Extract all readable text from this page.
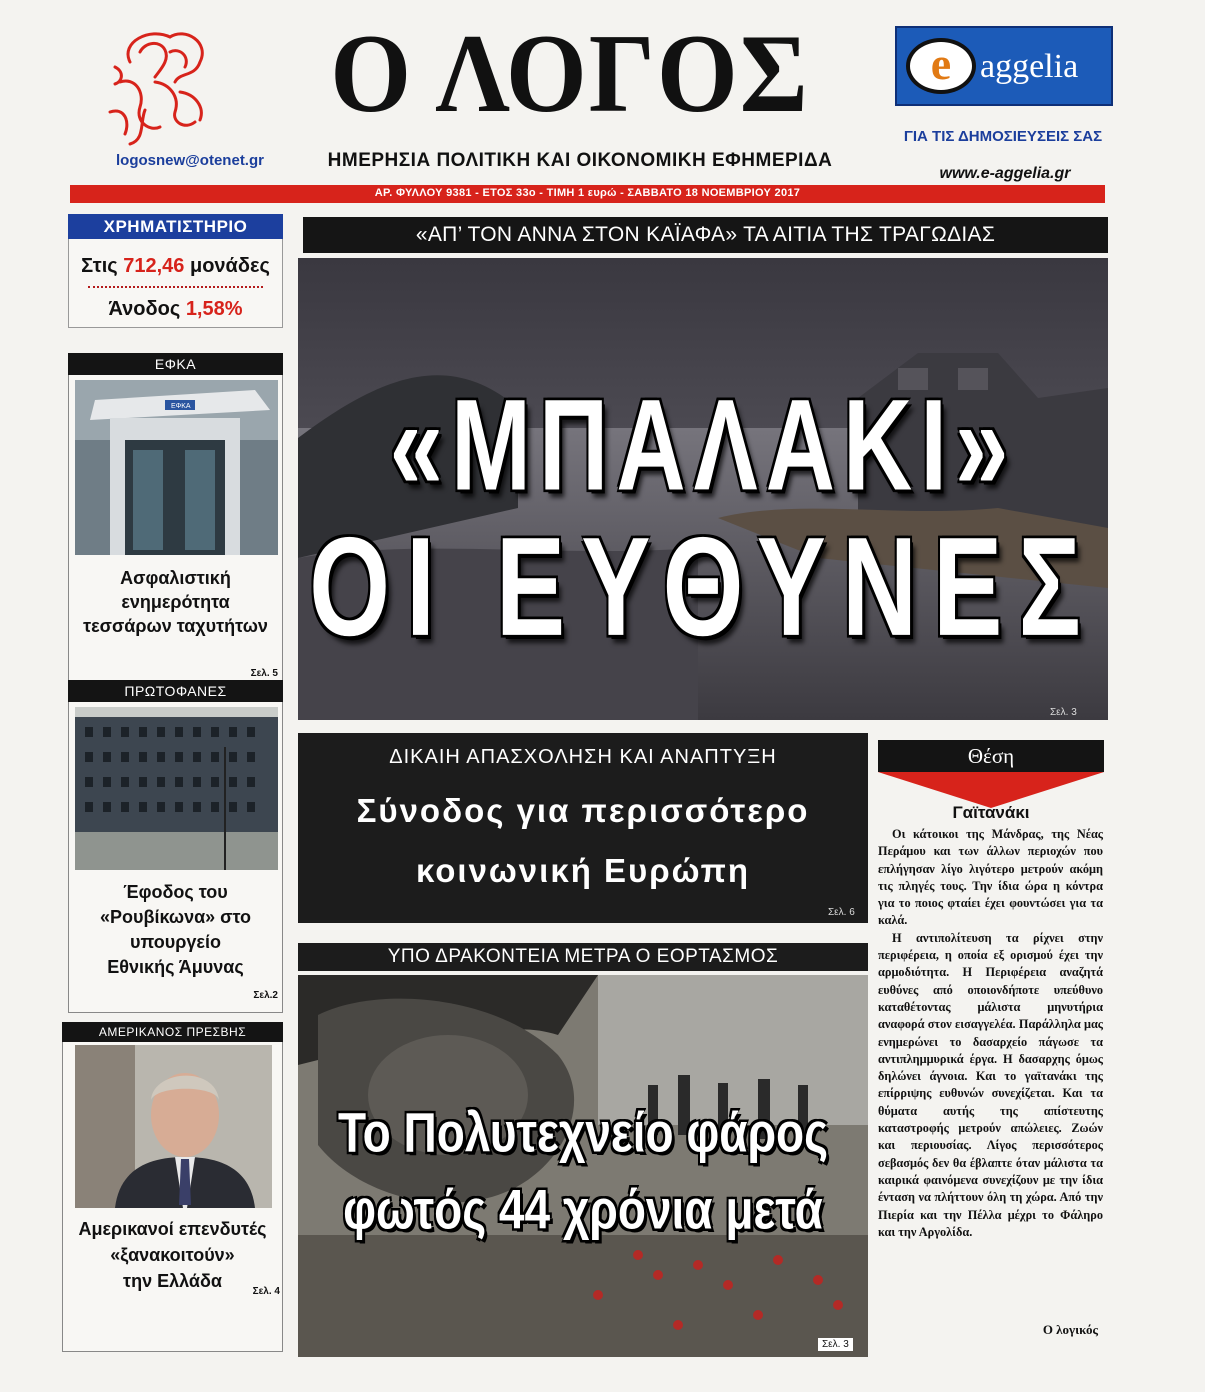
logosnew@otenet.gr
Ο ΛΟΓΟΣ
ΗΜΕΡΗΣΙΑ ΠΟΛΙΤΙΚΗ ΚΑΙ ΟΙΚΟΝΟΜΙΚΗ ΕΦΗΜΕΡΙΔΑ
e aggelia
ΓΙΑ ΤΙΣ ΔΗΜΟΣΙΕΥΣΕΙΣ ΣΑΣ
www.e-aggelia.gr
ΑΡ. ΦΥΛΛΟΥ 9381 - ΕΤΟΣ 33ο - ΤΙΜΗ 1 ευρώ - ΣΑΒΒΑΤΟ 18 ΝΟΕΜΒΡΙΟΥ 2017
ΧΡΗΜΑΤΙΣΤΗΡΙΟ
Στις 712,46 μονάδες
Άνοδος 1,58%
ΕΦΚΑ
ΕΦΚΑ
Ασφαλιστική
ενημερότητα
τεσσάρων ταχυτήτων
Σελ. 5
ΠΡΩΤΟΦΑΝΕΣ
Έφοδος του
«Ρουβίκωνα» στο
υπουργείο
Εθνικής Άμυνας
Σελ.2
ΑΜΕΡΙΚΑΝΟΣ ΠΡΕΣΒΗΣ
Αμερικανοί επενδυτές
«ξανακοιτούν»
την Ελλάδα
Σελ. 4
«ΑΠ’ ΤΟΝ ΑΝΝΑ ΣΤΟΝ ΚΑΪΑΦΑ» ΤΑ ΑΙΤΙΑ ΤΗΣ ΤΡΑΓΩΔΙΑΣ
«ΜΠΑΛΑΚΙ»
ΟΙ ΕΥΘΥΝΕΣ
Σελ. 3
ΔΙΚΑΙΗ ΑΠΑΣΧΟΛΗΣΗ ΚΑΙ ΑΝΑΠΤΥΞΗ
Σύνοδος για περισσότερο
κοινωνική Ευρώπη
Σελ. 6
ΥΠΟ ΔΡΑΚΟΝΤΕΙΑ ΜΕΤΡΑ Ο ΕΟΡΤΑΣΜΟΣ
Το Πολυτεχνείο φάρος
φωτός 44 χρόνια μετά
Σελ. 3
Θέση
Γαϊτανάκι

Οι κάτοικοι της Μάνδρας, της Νέας Περάμου και των άλλων περιοχών που επλήγησαν λίγο λιγότερο μετρούν ακόμη τις πληγές τους. Την ίδια ώρα η κόντρα για το ποιος φταίει έχει φουντώσει για τα καλά.

Η αντιπολίτευση τα ρίχνει στην περιφέρεια, η οποία εξ ορισμού έχει την αρμοδιότητα. Η Περιφέρεια αναζητά ευθύνες από οποιονδήποτε υπεύθυνο καταθέτοντας μάλιστα μηνυτήρια αναφορά στον εισαγγελέα. Παράλληλα μας ενημερώνει το δασαρχείο πάγωσε τα αντιπλημμυρικά έργα. Η δασαρχης όμως δηλώνει άγνοια. Και το γαϊτανάκι της επίρριψης ευθυνών συνεχίζεται. Και τα θύματα αυτής της απίστευτης καταστροφής μετρούν απώλειες. Ζωών και περιουσίας. Λίγος περισσότερος σεβασμός δεν θα έβλαπτε όταν μάλιστα τα καιρικά φαινόμενα συνεχίζουν με την ίδια ένταση να πλήττουν όλη τη χώρα. Από την Πιερία και την Πέλλα μέχρι το Φάληρο και την Αργολίδα.

Ο λογικός
